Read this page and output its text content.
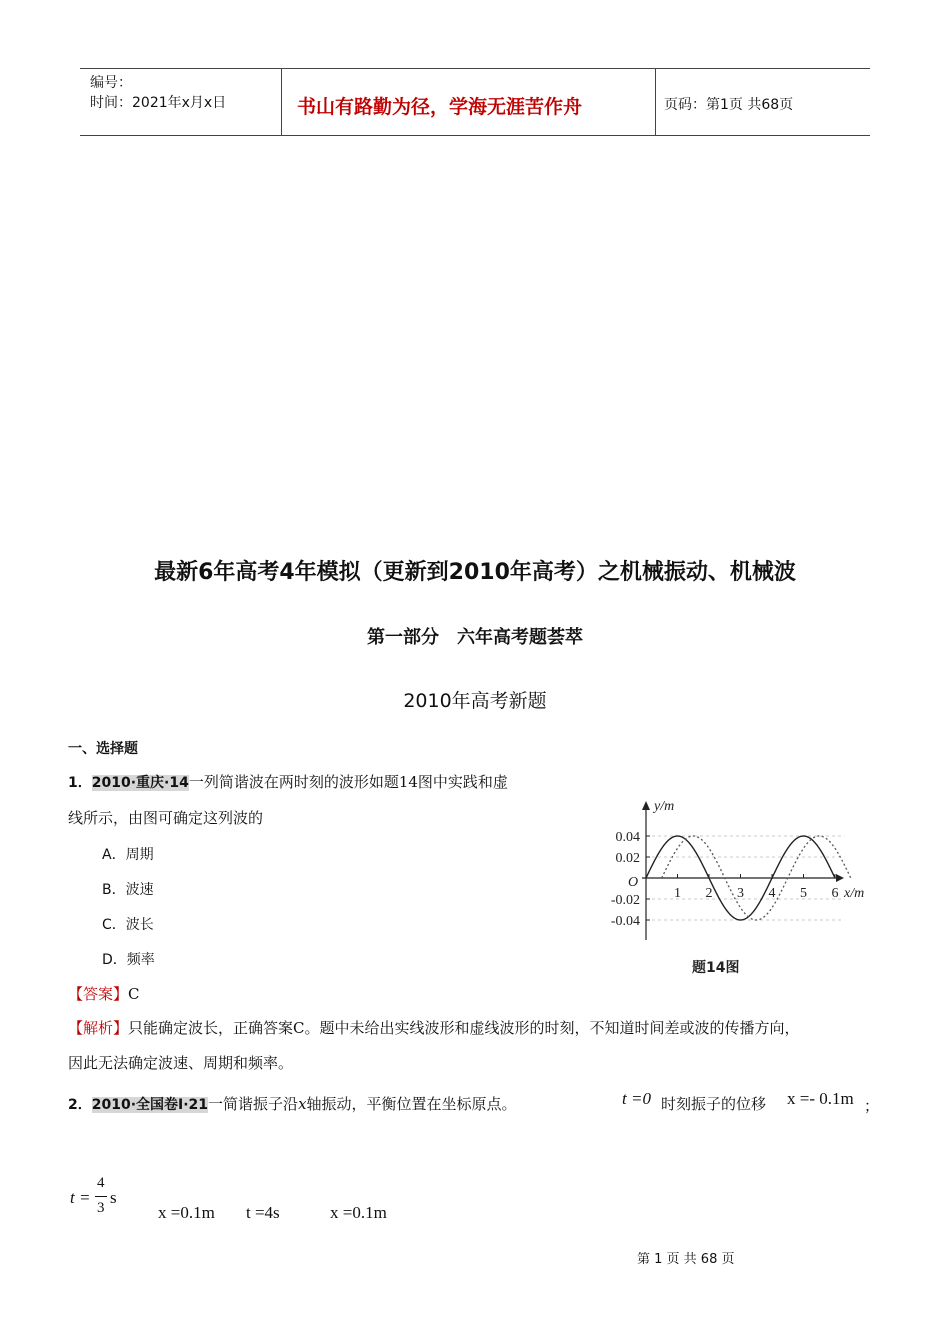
编号：
时间：2021年x月x日	书山有路勤为径，学海无涯苦作舟	页码：第1页 共68页
最新6年高考4年模拟（更新到2010年高考）之机械振动、机械波
第一部分　六年高考题荟萃
2010年高考新题
一、选择题
1．2010·重庆·14一列简谐波在两时刻的波形如题14图中实践和虚
线所示，由图可确定这列波的
A．周期
B．波速
C．波长
D．频率
【答案】C
【解析】只能确定波长，正确答案C。题中未给出实线波形和虚线波形的时刻，不知道时间差或波的传播方向，
因此无法确定波速、周期和频率。
0.04
0.02
-0.02
-0.04
1 2 3 4 5 6
y/m
x/m
O
题14图
2．2010·全国卷Ⅰ·21一简谐振子沿x轴振动，平衡位置在坐标原点。	t =0 时刻振子的位移 x =- 0.1m ；
t =
4
3
s
x =0.1m t =4s	x =0.1m
第 1 页 共 68 页
